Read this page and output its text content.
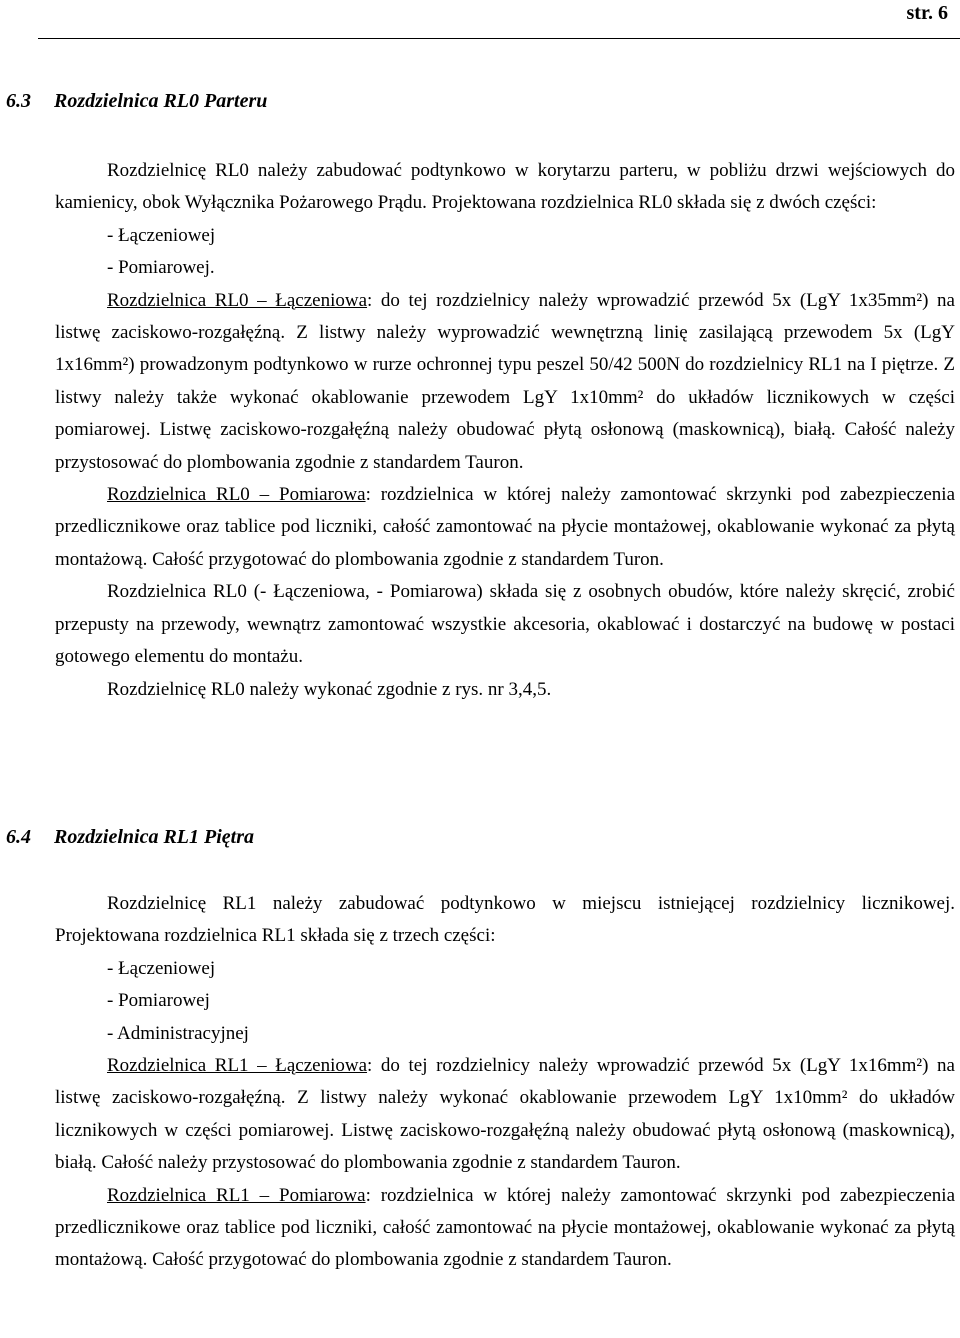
str. 6
6.3 Rozdzielnica RL0 Parteru

Rozdzielnicę RL0 należy zabudować podtynkowo w korytarzu parteru, w pobliżu drzwi wejściowych do kamienicy, obok Wyłącznika Pożarowego Prądu. Projektowana rozdzielnica RL0 składa się z dwóch części:

- Łączeniowej

- Pomiarowej.

Rozdzielnica RL0 – Łączeniowa: do tej rozdzielnicy należy wprowadzić przewód 5x (LgY 1x35mm²) na listwę zaciskowo-rozgałęźną. Z listwy należy wyprowadzić wewnętrzną linię zasilającą przewodem 5x (LgY 1x16mm²) prowadzonym podtynkowo w rurze ochronnej typu peszel 50/42 500N do rozdzielnicy RL1 na I piętrze. Z listwy należy także wykonać okablowanie przewodem LgY 1x10mm² do układów licznikowych w części pomiarowej. Listwę zaciskowo-rozgałęźną należy obudować płytą osłonową (maskownicą), białą. Całość należy przystosować do plombowania zgodnie z standardem Tauron.

Rozdzielnica RL0 – Pomiarowa: rozdzielnica w której należy zamontować skrzynki pod zabezpieczenia przedlicznikowe oraz tablice pod liczniki, całość zamontować na płycie montażowej, okablowanie wykonać za płytą montażową. Całość przygotować do plombowania zgodnie z standardem Turon.

Rozdzielnica RL0 (- Łączeniowa, - Pomiarowa) składa się z osobnych obudów, które należy skręcić, zrobić przepusty na przewody, wewnątrz zamontować wszystkie akcesoria, okablować i dostarczyć na budowę w postaci gotowego elementu do montażu.

Rozdzielnicę RL0 należy wykonać zgodnie z rys. nr 3,4,5.

6.4 Rozdzielnica RL1 Piętra

Rozdzielnicę RL1 należy zabudować podtynkowo w miejscu istniejącej rozdzielnicy licznikowej. Projektowana rozdzielnica RL1 składa się z trzech części:

- Łączeniowej

- Pomiarowej

- Administracyjnej

Rozdzielnica RL1 – Łączeniowa: do tej rozdzielnicy należy wprowadzić przewód 5x (LgY 1x16mm²) na listwę zaciskowo-rozgałęźną. Z listwy należy wykonać okablowanie przewodem LgY 1x10mm² do układów licznikowych w części pomiarowej. Listwę zaciskowo-rozgałęźną należy obudować płytą osłonową (maskownicą), białą. Całość należy przystosować do plombowania zgodnie z standardem Tauron.

Rozdzielnica RL1 – Pomiarowa: rozdzielnica w której należy zamontować skrzynki pod zabezpieczenia przedlicznikowe oraz tablice pod liczniki, całość zamontować na płycie montażowej, okablowanie wykonać za płytą montażową. Całość przygotować do plombowania zgodnie z standardem Tauron.
